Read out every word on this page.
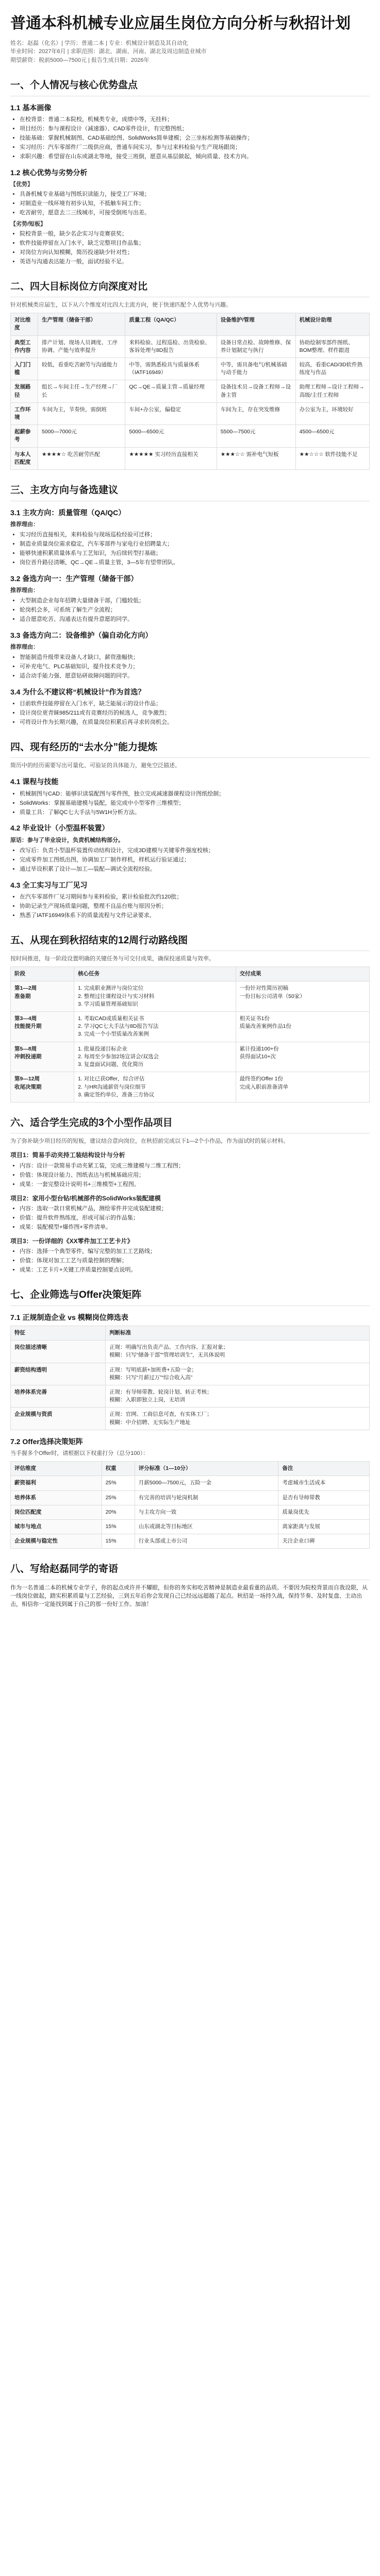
普通本科机械专业应届生岗位方向分析与秋招计划

姓名：赵磊（化名）| 学历：普通二本 | 专业：机械设计制造及其自动化

毕业时间：2027年6月 | 求职范围：湖北、湖南、河南、湖北及周边制造业城市

期望薪资：税前5000—7500元 | 报告生成日期：2026年

一、个人情况与核心优势盘点
1.1 基本画像
• 在校背景：普通二本院校，机械类专业，成绩中等，无挂科；
• 项目经历：参与课程设计（减速器）、CAD零件设计，有完整图纸；
• 技能基础：掌握机械制图、CAD基础绘图、SolidWorks简单建模；会三坐标检测等基础操作；
• 实习经历：汽车零部件厂二级供应商，普通车间实习，参与过来料检验与生产现场跟岗；
• 求职兴趣：希望留在山东或湖北等地，接受三班倒，愿意从基层做起，倾向质量、技术方向。
1.2 核心优势与劣势分析

【优势】

• 具备机械专业基础与图纸识读能力，接受工厂环境；
• 对制造业一线环境有初步认知，不抵触车间工作；
• 吃苦耐劳，愿意去二三线城市，可接受倒班与出差。

【劣势/短板】

• 院校背景一般，缺少名企实习与竞赛获奖；
• 软件技能停留在入门水平，缺乏完整项目作品集；
• 对岗位方向认知模糊，简历投递缺少针对性；
• 英语与沟通表达能力一般，面试经验不足。
二、四大目标岗位方向深度对比

针对机械类应届生，以下从六个维度对比四大主流方向，便于快速匹配个人优势与兴趣。

对比维度	生产管理（储备干部）	质量工程（QA/QC）	设备维护/管理	机械设计助理
典型工作内容	排产计划、现场人员调度、工序协调、产能与效率提升	来料检验、过程巡检、出货检验、客诉处理与8D报告	设备日常点检、故障维修、保养计划制定与执行	协助绘制零部件图纸、BOM整理、样件跟进
入门门槛	较低，看重吃苦耐劳与沟通能力	中等，需熟悉检具与质量体系（IATF16949）	中等，需具备电气/机械基础与动手能力	较高，看重CAD/3D软件熟练度与作品
发展路径	组长→车间主任→生产经理→厂长	QC→QE→质量主管→质量经理	设备技术员→设备工程师→设备主管	助理工程师→设计工程师→高级/主任工程师
工作环境	车间为主，节奏快，需倒班	车间+办公室，偏稳定	车间为主，存在突发维修	办公室为主，环境较好
起薪参考	5000—7000元	5000—6500元	5500—7500元	4500—6500元
与本人匹配度	★★★★☆ 吃苦耐劳匹配	★★★★★ 实习经历直接相关	★★★☆☆ 需补电气短板	★★☆☆☆ 软件技能不足
三、主攻方向与备选建议
3.1 主攻方向：质量管理（QA/QC）

推荐理由：

• 实习经历直接相关，来料检验与现场巡检经验可迁移；
• 制造业质量岗位需求稳定，汽车零部件与家电行业招聘量大；
• 能够快速积累质量体系与工艺知识，为后续转型打基础；
• 岗位晋升路径清晰，QC→QE→质量主管，3—5年有望带团队。
3.2 备选方向一：生产管理（储备干部）

推荐理由：

• 大型制造企业每年招聘大量储备干部，门槛较低；
• 轮岗机会多，可系统了解生产全流程；
• 适合愿意吃苦、沟通表达有提升意愿的同学。
3.3 备选方向二：设备维护（偏自动化方向）

推荐理由：

• 智能制造升级带来设备人才缺口，薪资涨幅快；
• 可补充电气、PLC基础知识，提升技术竞争力；
• 适合动手能力强、愿意钻研故障问题的同学。
3.4 为什么不建议将“机械设计”作为首选？
• 目前软件技能停留在入门水平，缺乏能展示的设计作品；
• 设计岗位更青睐985/211或有竞赛经历的候选人，竞争激烈；
• 可将设计作为长期兴趣，在质量岗位积累后再寻求转岗机会。
四、现有经历的“去水分”能力提炼

简历中的经历需要写出可量化、可验证的具体能力，避免空泛描述。

4.1 课程与技能
• 机械制图与CAD：能够识读装配图与零件图，独立完成减速器课程设计图纸绘制；
• SolidWorks：掌握基础建模与装配，能完成中小型零件三维模型；
• 质量工具：了解QC七大手法与5W1H分析方法。
4.2 毕业设计（小型温杯装置）

原话：参与了毕业设计，负责机械结构部分。

• 改写后：负责小型温杯装置传动结构设计，完成3D建模与关键零件强度校核；
• 完成零件加工图纸出图，协调加工厂制作样机，样机运行验证通过；
• 通过毕设积累了设计—加工—装配—调试全流程经验。
4.3 全工实习与工厂见习
• 在汽车零部件厂见习期间参与来料检验，累计检验批次约120批；
• 协助记录生产现场质量问题，整理不良品台账与原因分析；
• 熟悉了IATF16949体系下的质量流程与文件记录要求。
五、从现在到秋招结束的12周行动路线图

按时间推进，每一阶段设置明确的关键任务与可交付成果，确保投递质量与效率。

阶段	核心任务	交付成果
第1—2周
准备期	1. 完成职业测评与岗位定位
2. 整理过往课程设计与实习材料
3. 学习质量管理基础知识	一份针对性简历初稿
一份目标公司清单（50家）
第3—4周
技能提升期	1. 考取CAD或质量相关证书
2. 学习QC七大手法与8D报告写法
3. 完成一个小型质量改善案例	相关证书1份
质量改善案例作品1份
第5—8周
冲刺投递期	1. 批量投递目标企业
2. 每周至少参加2场宣讲会/双选会
3. 复盘面试问题，优化简历	累计投递100+份
获得面试10+次
第9—12周
收尾决策期	1. 对比已获Offer，综合评估
2. 与HR沟通薪资与岗位细节
3. 确定签约单位，准备三方协议	最终签约Offer 1份
完成入职前准备清单
六、适合学生完成的3个小型作品项目

为了弥补缺少项目经历的短板，建议结合意向岗位，在秋招前完成以下1—2个小作品，作为面试时的展示材料。

项目1：简易手动夹持工装结构设计与分析
• 内容：设计一款简易手动夹紧工装，完成三维建模与二维工程图；
• 价值：体现设计能力、图纸表达与机械基础应用；
• 成果：一套完整设计说明书+三维模型+工程图。
项目2：家用小型台钻/机械部件的SolidWorks装配建模
• 内容：选取一款日常机械产品，测绘零件并完成装配建模；
• 价值：提升软件熟练度，形成可展示的作品集；
• 成果：装配模型+爆炸图+零件清单。
项目3：一份详细的《XX零件加工工艺卡片》
• 内容：选择一个典型零件，编写完整的加工工艺路线；
• 价值：体现对加工工艺与质量控制的理解；
• 成果：工艺卡片+关键工序质量控制要点说明。
七、企业筛选与Offer决策矩阵
7.1 正规制造企业 vs 模糊岗位筛选表
特征	判断标准
岗位描述清晰	正规：明确写出负责产品、工作内容、汇报对象；
模糊：只写“储备干部”“管理培训生”，无具体说明
薪资结构透明	正规：写明底薪+加班费+五险一金；
模糊：只写“月薪过万”“综合收入高”
培养体系完善	正规：有导师带教、轮岗计划、转正考核；
模糊：入职即独立上岗，无培训
企业规模与资质	正规：官网、工商信息可查，有实体工厂；
模糊：中介招聘、无实际生产地址
7.2 Offer选择决策矩阵

当手握多个Offer时，请根据以下权重打分（总分100）：

评估维度	权重	评分标准（1—10分）	备注
薪资福利	25%	月薪5000—7500元，五险一金	考虑城市生活成本
培养体系	25%	有完善的培训与轮岗机制	是否有导师带教
岗位匹配度	20%	与主攻方向一致	质量岗优先
城市与地点	15%	山东或湖北等目标地区	离家距离与发展
企业规模与稳定性	15%	行业头部或上市公司	关注企业口碑
八、写给赵磊同学的寄语

作为一名普通二本的机械专业学子，你的起点或许并不耀眼，但你的务实和吃苦精神是制造业最看重的品质。不要因为院校背景而自我设限，从一线岗位做起，踏实积累质量与工艺经验，三到五年后你会发现自己已经远远超越了起点。秋招是一场持久战，保持节奏、及时复盘、主动出击，相信你一定能找到属于自己的那一份好工作。加油！
